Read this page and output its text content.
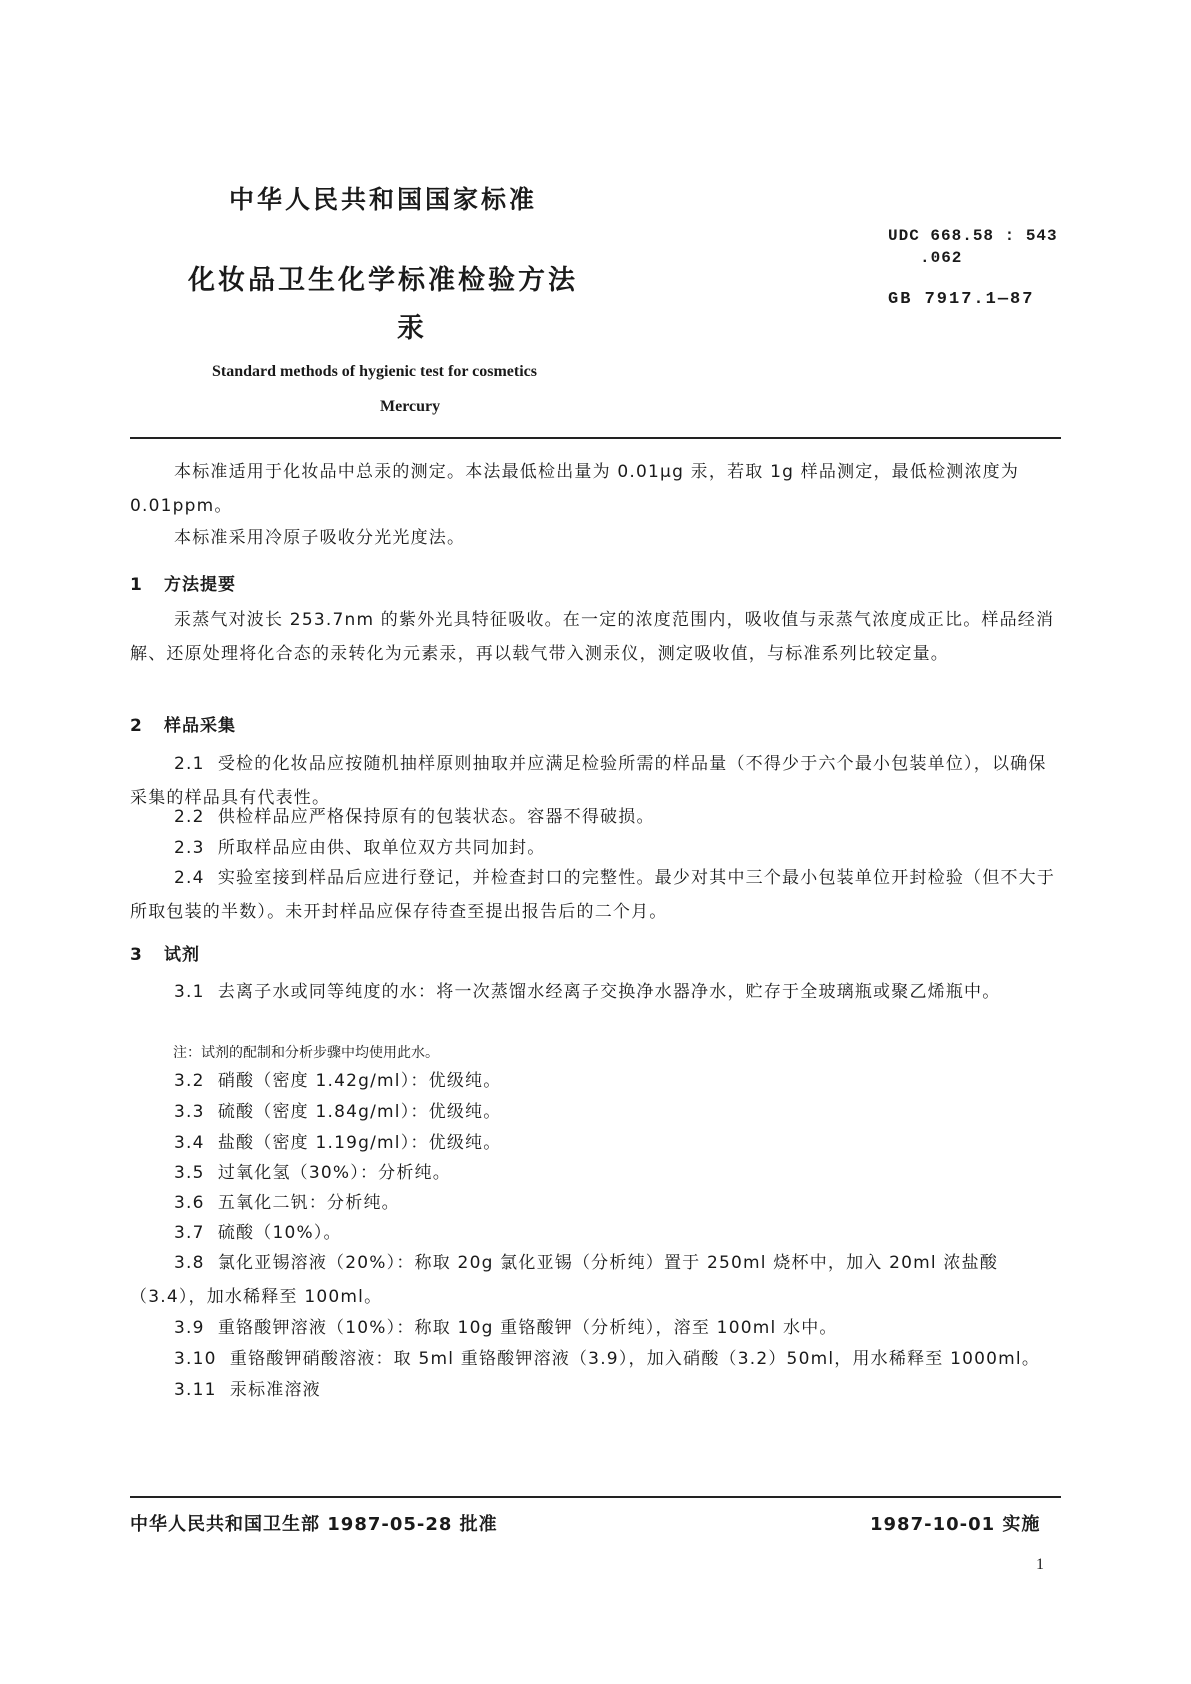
中华人民共和国国家标准
化妆品卫生化学标准检验方法
汞
UDC 668.58 : 543
.062
GB 7917.1—87
Standard methods of hygienic test for cosmetics
Mercury
本标准适用于化妆品中总汞的测定。本法最低检出量为 0.01μg 汞，若取 1g 样品测定，最低检测浓度为 0.01ppm。
本标准采用冷原子吸收分光光度法。
1 方法提要
汞蒸气对波长 253.7nm 的紫外光具特征吸收。在一定的浓度范围内，吸收值与汞蒸气浓度成正比。样品经消解、还原处理将化合态的汞转化为元素汞，再以载气带入测汞仪，测定吸收值，与标准系列比较定量。
2 样品采集
2.1 受检的化妆品应按随机抽样原则抽取并应满足检验所需的样品量（不得少于六个最小包装单位），以确保采集的样品具有代表性。
2.2 供检样品应严格保持原有的包装状态。容器不得破损。
2.3 所取样品应由供、取单位双方共同加封。
2.4 实验室接到样品后应进行登记，并检查封口的完整性。最少对其中三个最小包装单位开封检验（但不大于所取包装的半数）。未开封样品应保存待查至提出报告后的二个月。
3 试剂
3.1 去离子水或同等纯度的水：将一次蒸馏水经离子交换净水器净水，贮存于全玻璃瓶或聚乙烯瓶中。
注：试剂的配制和分析步骤中均使用此水。
3.2 硝酸（密度 1.42g/ml）：优级纯。
3.3 硫酸（密度 1.84g/ml）：优级纯。
3.4 盐酸（密度 1.19g/ml）：优级纯。
3.5 过氧化氢（30%）：分析纯。
3.6 五氧化二钒：分析纯。
3.7 硫酸（10%）。
3.8 氯化亚锡溶液（20%）：称取 20g 氯化亚锡（分析纯）置于 250ml 烧杯中，加入 20ml 浓盐酸（3.4），加水稀释至 100ml。
3.9 重铬酸钾溶液（10%）：称取 10g 重铬酸钾（分析纯），溶至 100ml 水中。
3.10 重铬酸钾硝酸溶液：取 5ml 重铬酸钾溶液（3.9），加入硝酸（3.2）50ml，用水稀释至 1000ml。
3.11 汞标准溶液
中华人民共和国卫生部 1987-05-28 批准	1987-10-01 实施
1
